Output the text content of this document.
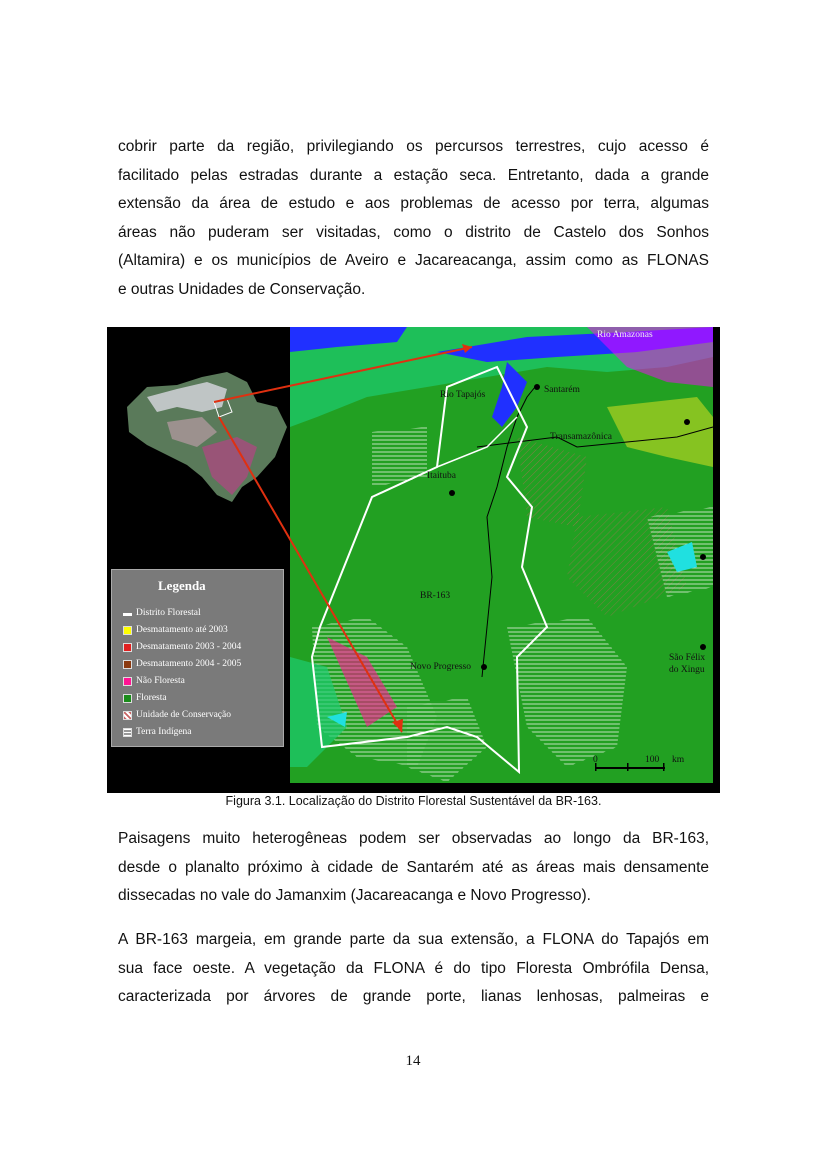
cobrir parte da região, privilegiando os percursos terrestres, cujo acesso é
facilitado pelas estradas durante a estação seca. Entretanto, dada a grande
extensão da área de estudo e aos problemas de acesso por terra, algumas
áreas não puderam ser visitadas, como o distrito de Castelo dos Sonhos
(Altamira) e os municípios de Aveiro e Jacareacanga, assim como as FLONAS
e outras Unidades de Conservação.
Rio Amazonas
Rio Tapajós	Santarém
Transamazônica
Itaituba
BR-163
Novo Progresso
São Félix
do Xingu
0	100 km
Legenda
Distrito Florestal
Desmatamento até 2003
Desmatamento 2003 - 2004
Desmatamento 2004 - 2005
Não Floresta
Floresta
Unidade de Conservação
Terra Indígena
Figura 3.1. Localização do Distrito Florestal Sustentável da BR-163.
Paisagens muito heterogêneas podem ser observadas ao longo da BR-163,
desde o planalto próximo à cidade de Santarém até as áreas mais densamente
dissecadas no vale do Jamanxim (Jacareacanga e Novo Progresso).
A BR-163 margeia, em grande parte da sua extensão, a FLONA do Tapajós em
sua face oeste. A vegetação da FLONA é do tipo Floresta Ombrófila Densa,
caracterizada por árvores de grande porte, lianas lenhosas, palmeiras e
14
